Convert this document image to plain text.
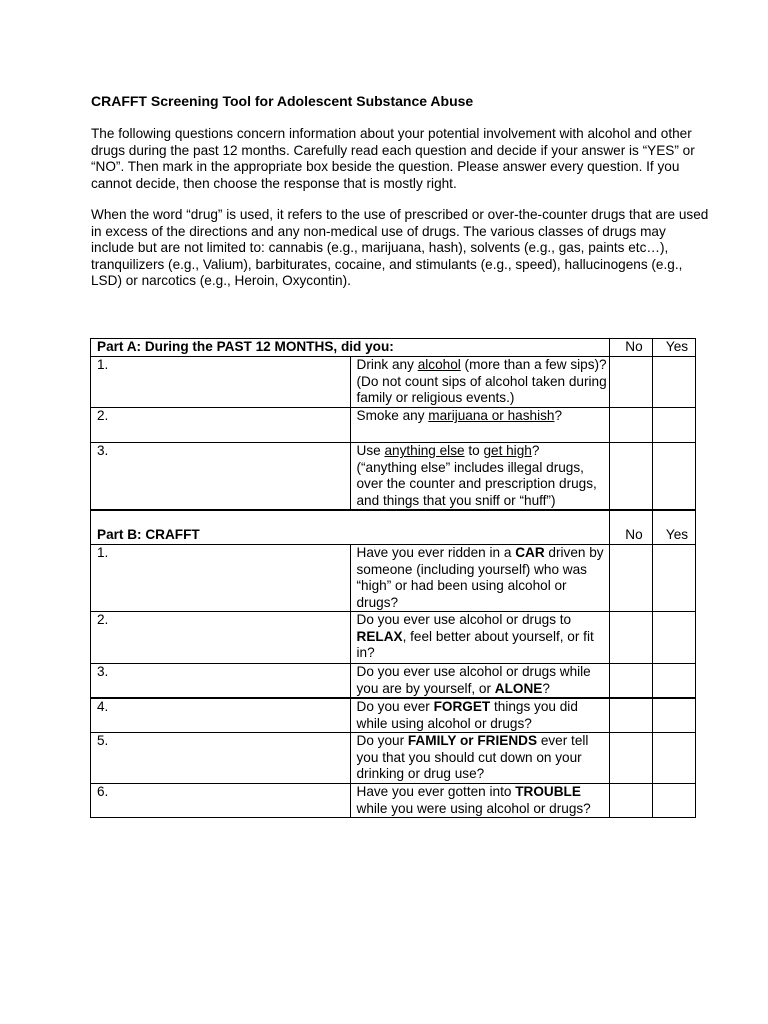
CRAFFT Screening Tool for Adolescent Substance Abuse
The following questions concern information about your potential involvement with alcohol and other drugs during the past 12 months. Carefully read each question and decide if your answer is “YES” or “NO”. Then mark in the appropriate box beside the question. Please answer every question. If you cannot decide, then choose the response that is mostly right.
When the word “drug” is used, it refers to the use of prescribed or over-the-counter drugs that are used in excess of the directions and any non-medical use of drugs. The various classes of drugs may include but are not limited to: cannabis (e.g., marijuana, hash), solvents (e.g., gas, paints etc…), tranquilizers (e.g., Valium), barbiturates, cocaine, and stimulants (e.g., speed), hallucinogens (e.g., LSD) or narcotics (e.g., Heroin, Oxycontin).
Part A: During the PAST 12 MONTHS, did you:		No	Yes
1.	Drink any alcohol (more than a few sips)?
(Do not count sips of alcohol taken during family or religious events.)		
2.	Smoke any marijuana or hashish?		
3.	Use anything else to get high?
(“anything else” includes illegal drugs, over the counter and prescription drugs, and things that you sniff or “huff”)		
Part B: CRAFFT		No	Yes
1.	Have you ever ridden in a CAR driven by someone (including yourself) who was “high” or had been using alcohol or drugs?		
2.	Do you ever use alcohol or drugs to RELAX, feel better about yourself, or fit in?		
3.	Do you ever use alcohol or drugs while you are by yourself, or ALONE?		
4.	Do you ever FORGET things you did while using alcohol or drugs?		
5.	Do your FAMILY or FRIENDS ever tell you that you should cut down on your drinking or drug use?		
6.	Have you ever gotten into TROUBLE while you were using alcohol or drugs?		
